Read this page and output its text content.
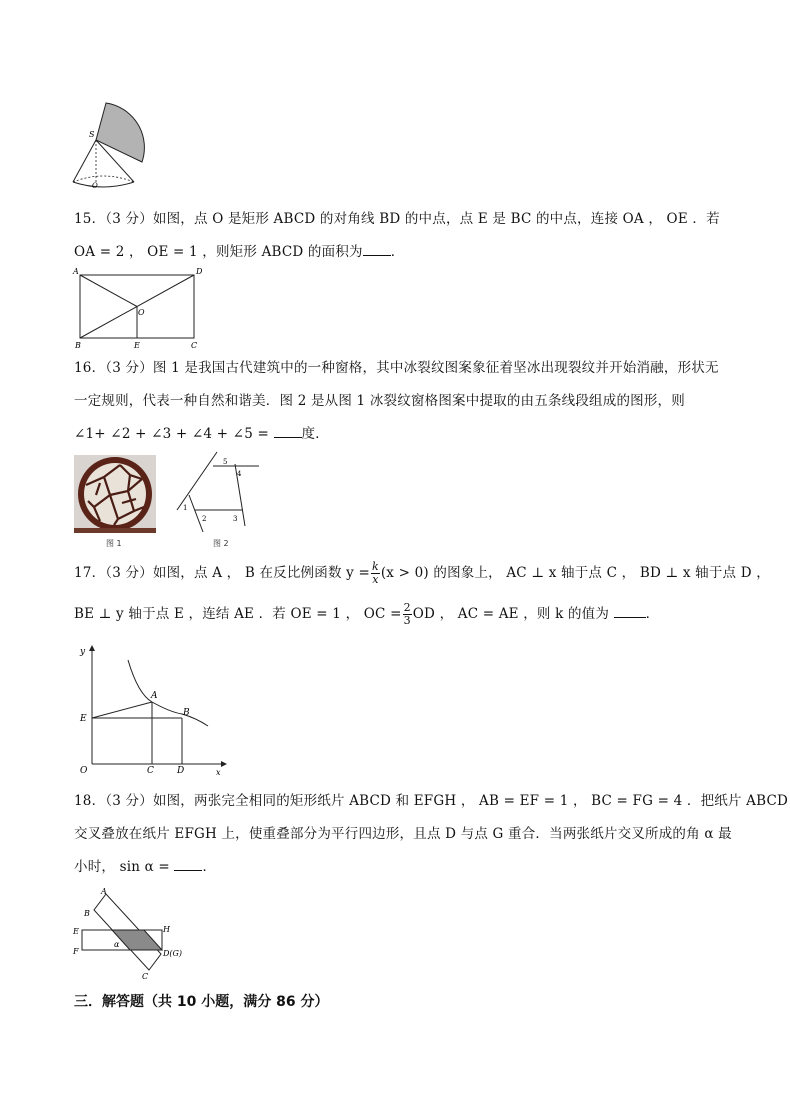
S
O
15．（3 分）如图，点 O 是矩形 ABCD 的对角线 BD 的中点，点 E 是 BC 的中点，连接 OA ， OE ．若
OA = 2 ， OE = 1 ，则矩形 ABCD 的面积为 ．
A	D
O
B	E	C
16．（3 分）图 1 是我国古代建筑中的一种窗格，其中冰裂纹图案象征着坚冰出现裂纹并开始消融，形状无
一定规则，代表一种自然和谐美．图 2 是从图 1 冰裂纹窗格图案中提取的由五条线段组成的图形，则
∠1+ ∠2 + ∠3 + ∠4 + ∠5 = 度．
图 1
1
2	3
4
5
图 2
17．（3 分）如图，点 A ， B 在反比例函数 $y = \frac{k}{x} (x > 0)$ 的图象上， AC ⊥ x 轴于点 C ， BD ⊥ x 轴于点 D ，
BE ⊥ y 轴于点 E ，连结 AE ．若 OE = 1 ， OC = $\frac{2}{3}$ OD ， AC = AE ，则 k 的值为	．
y
x
O
E
A
B
C	D
18．（3 分）如图，两张完全相同的矩形纸片 ABCD 和 EFGH ， AB = EF = 1 ， BC = FG = 4 ．把纸片 ABCD
交叉叠放在纸片 EFGH 上，使重叠部分为平行四边形，且点 D 与点 G 重合．当两张纸片交叉所成的角 α 最
小时， sin α = ．
A
B
E	H
F	D(G)
C
α
三．解答题（共 10 小题，满分 86 分）
